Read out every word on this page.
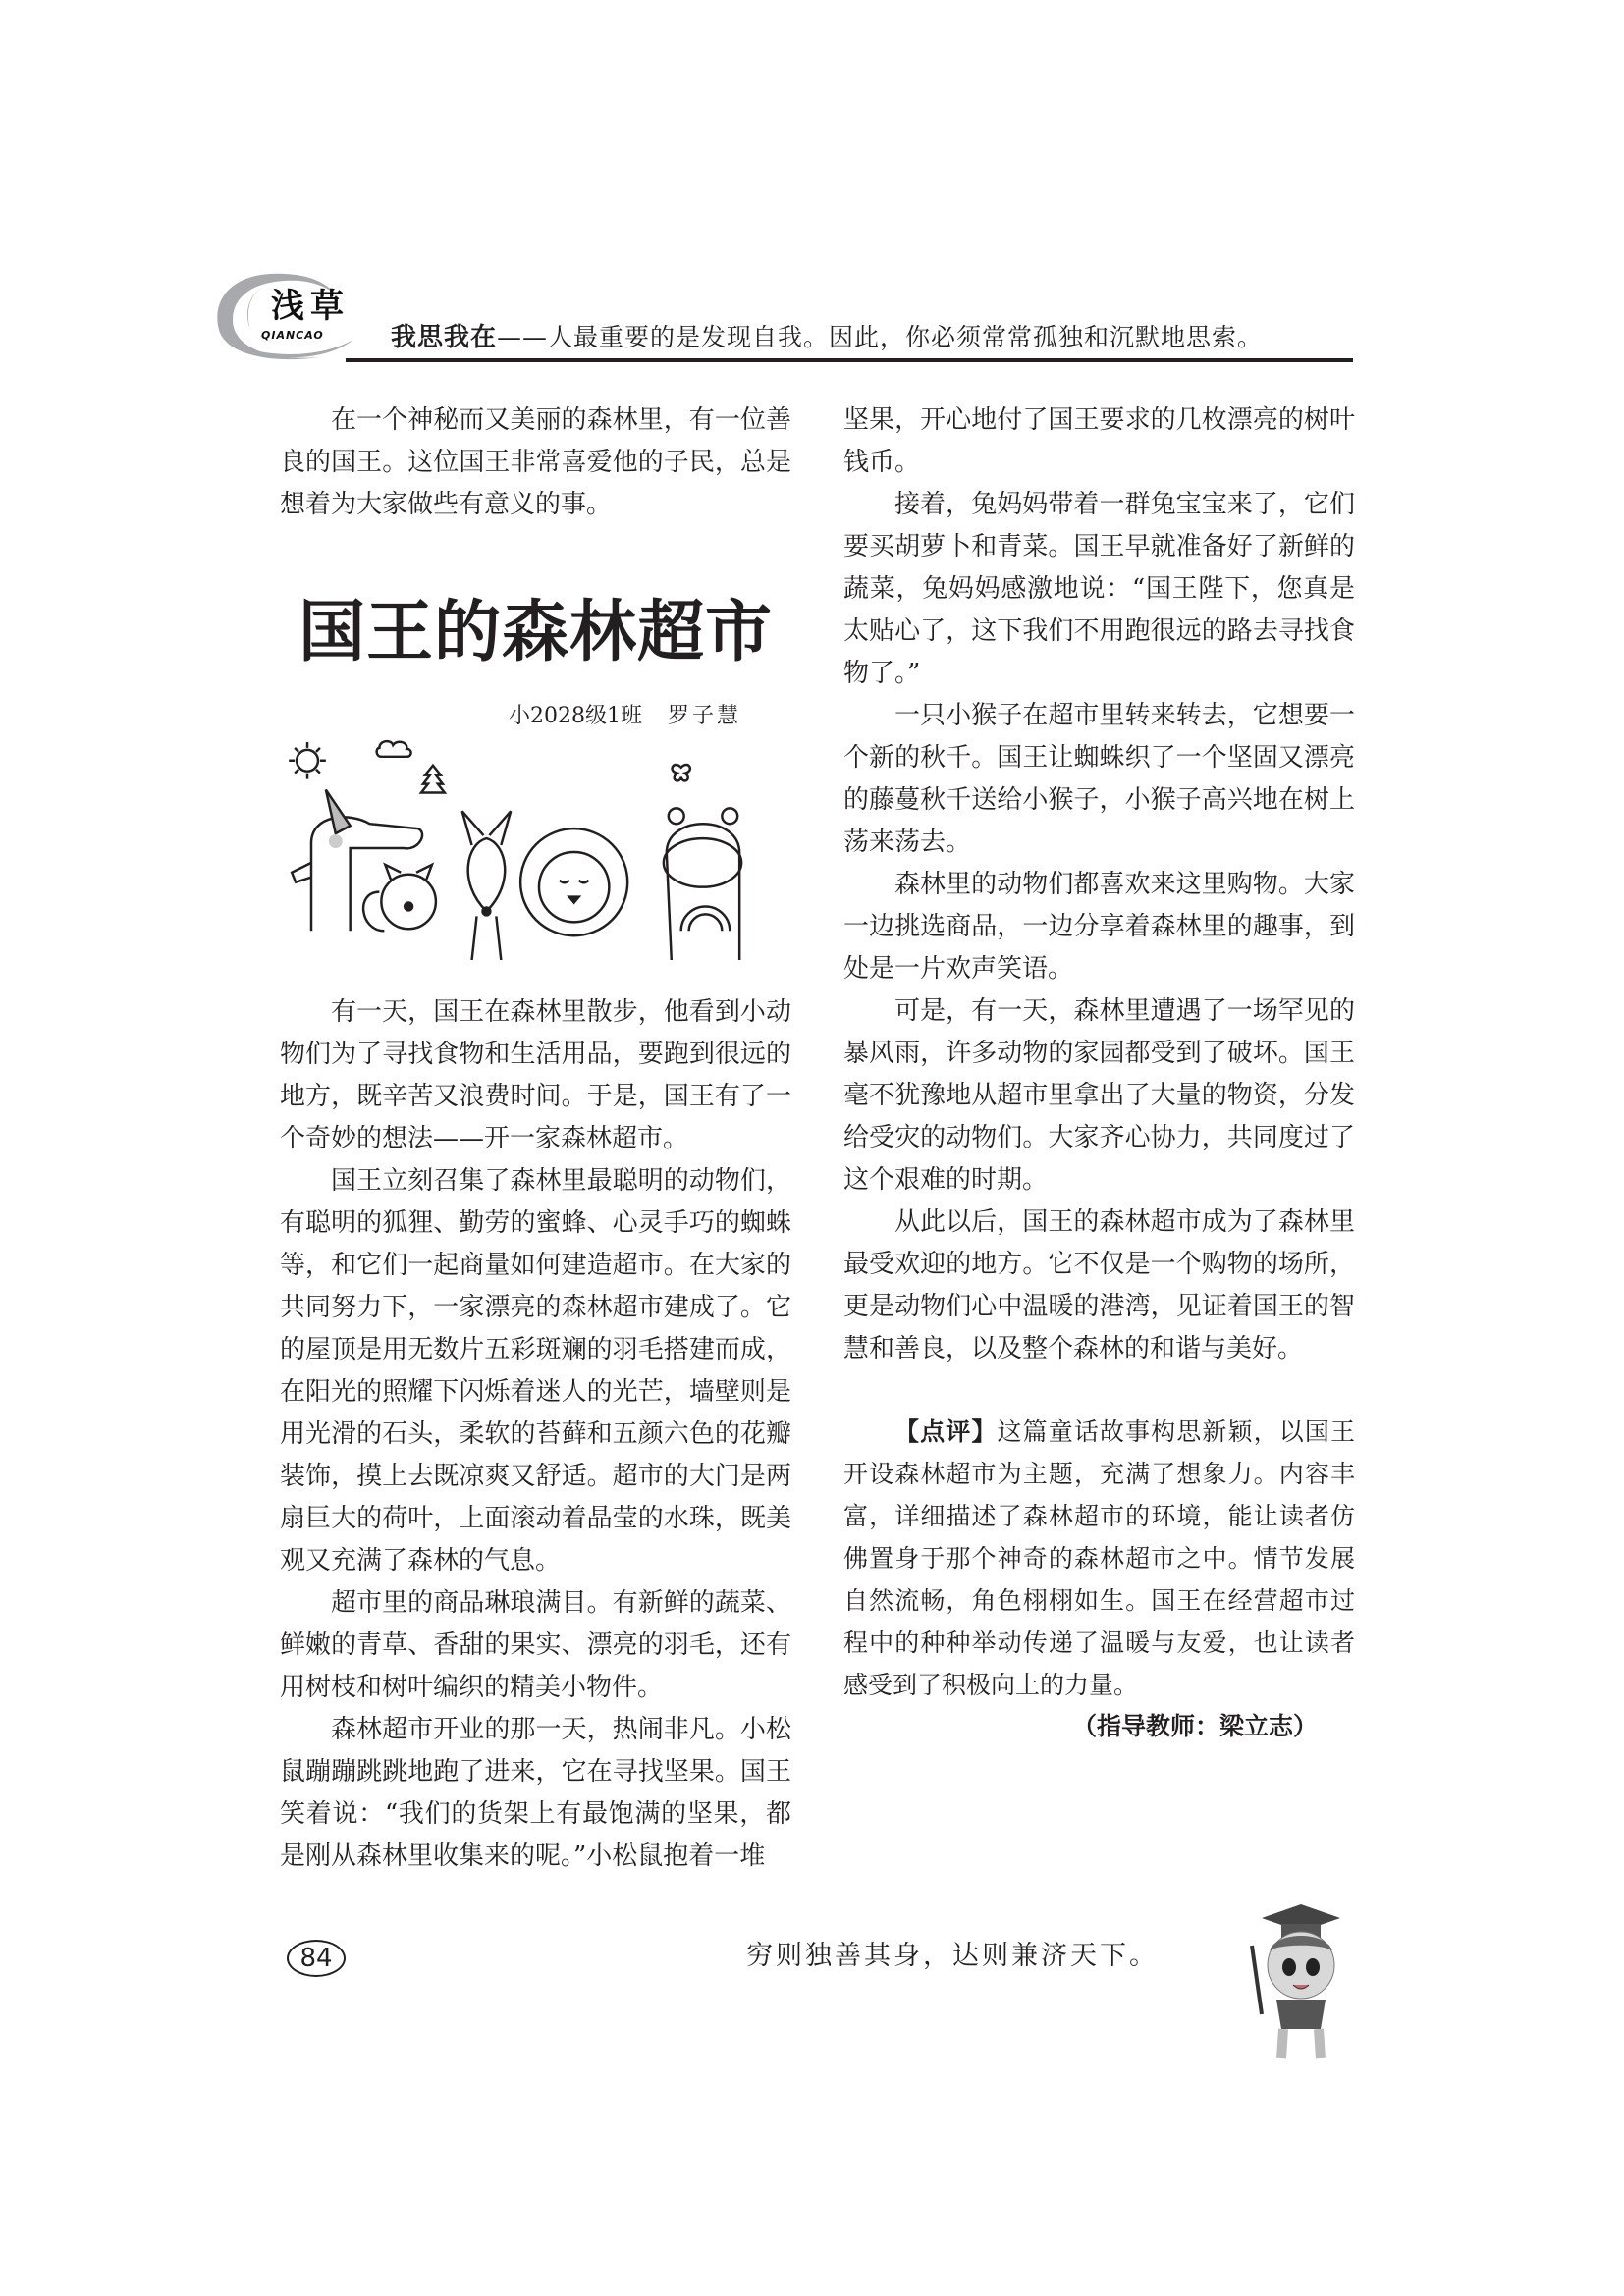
浅草
QIANCAO	我思我在——人最重要的是发现自我。因此，你必须常常孤独和沉默地思索。
在一个神秘而又美丽的森林里，有一位善
良的国王。这位国王非常喜爱他的子民，总是
想着为大家做些有意义的事。
国王的森林超市
小2028级1班 罗子慧
有一天，国王在森林里散步，他看到小动
物们为了寻找食物和生活用品，要跑到很远的
地方，既辛苦又浪费时间。于是，国王有了一
个奇妙的想法——开一家森林超市。
国王立刻召集了森林里最聪明的动物们，
有聪明的狐狸、勤劳的蜜蜂、心灵手巧的蜘蛛
等，和它们一起商量如何建造超市。在大家的
共同努力下，一家漂亮的森林超市建成了。它
的屋顶是用无数片五彩斑斓的羽毛搭建而成，
在阳光的照耀下闪烁着迷人的光芒，墙壁则是
用光滑的石头，柔软的苔藓和五颜六色的花瓣
装饰，摸上去既凉爽又舒适。超市的大门是两
扇巨大的荷叶，上面滚动着晶莹的水珠，既美
观又充满了森林的气息。
超市里的商品琳琅满目。有新鲜的蔬菜、
鲜嫩的青草、香甜的果实、漂亮的羽毛，还有
用树枝和树叶编织的精美小物件。
森林超市开业的那一天，热闹非凡。小松
鼠蹦蹦跳跳地跑了进来，它在寻找坚果。国王
笑着说：“我们的货架上有最饱满的坚果，都
是刚从森林里收集来的呢。”小松鼠抱着一堆
坚果，开心地付了国王要求的几枚漂亮的树叶
钱币。
接着，兔妈妈带着一群兔宝宝来了，它们
要买胡萝卜和青菜。国王早就准备好了新鲜的
蔬菜，兔妈妈感激地说：“国王陛下，您真是
太贴心了，这下我们不用跑很远的路去寻找食
物了。”
一只小猴子在超市里转来转去，它想要一
个新的秋千。国王让蜘蛛织了一个坚固又漂亮
的藤蔓秋千送给小猴子，小猴子高兴地在树上
荡来荡去。
森林里的动物们都喜欢来这里购物。大家
一边挑选商品，一边分享着森林里的趣事，到
处是一片欢声笑语。
可是，有一天，森林里遭遇了一场罕见的
暴风雨，许多动物的家园都受到了破坏。国王
毫不犹豫地从超市里拿出了大量的物资，分发
给受灾的动物们。大家齐心协力，共同度过了
这个艰难的时期。
从此以后，国王的森林超市成为了森林里
最受欢迎的地方。它不仅是一个购物的场所，
更是动物们心中温暖的港湾，见证着国王的智
慧和善良，以及整个森林的和谐与美好。
【点评】这篇童话故事构思新颖，以国王
开设森林超市为主题，充满了想象力。内容丰
富，详细描述了森林超市的环境，能让读者仿
佛置身于那个神奇的森林超市之中。情节发展
自然流畅，角色栩栩如生。国王在经营超市过
程中的种种举动传递了温暖与友爱，也让读者
感受到了积极向上的力量。
（指导教师：梁立志）
84	穷则独善其身，达则兼济天下。
